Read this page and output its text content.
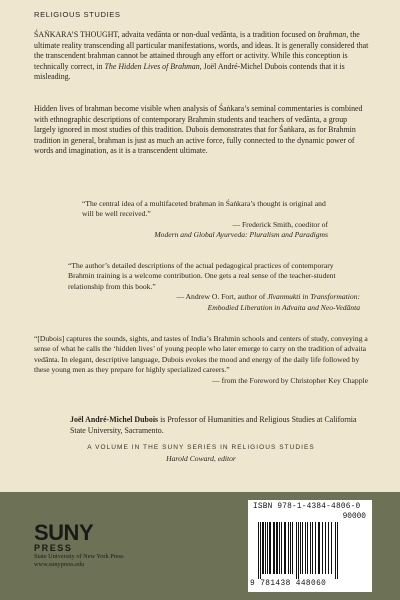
RELIGIOUS STUDIES
ŚAṄKARA’S THOUGHT, advaita vedānta or non-dual vedānta, is a tradition focused on brahman, the ultimate reality transcending all particular manifestations, words, and ideas. It is generally considered that the transcendent brahman cannot be attained through any effort or activity. While this conception is technically correct, in The Hidden Lives of Brahman, Joël André-Michel Dubois contends that it is misleading.
Hidden lives of brahman become visible when analysis of Śaṅkara’s seminal commentaries is combined with ethnographic descriptions of contemporary Brahmin students and teachers of vedānta, a group largely ignored in most studies of this tradition. Dubois demonstrates that for Śaṅkara, as for Brahmin tradition in general, brahman is just as much an active force, fully connected to the dynamic power of words and imagination, as it is a transcendent ultimate.
“The central idea of a multifaceted brahman in Śaṅkara’s thought is original and will be well received.”
— Frederick Smith, coeditor of
Modern and Global Ayurveda: Pluralism and Paradigms
“The author’s detailed descriptions of the actual pedagogical practices of contemporary Brahmin training is a welcome contribution. One gets a real sense of the teacher-student relationship from this book.”
— Andrew O. Fort, author of Jīvanmukti in Transformation:
Embodied Liberation in Advaita and Neo-Vedānta
“[Dubois] captures the sounds, sights, and tastes of India’s Brahmin schools and centers of study, conveying a sense of what he calls the ‘hidden lives’ of young people who later emerge to carry on the tradition of advaita vedānta. In elegant, descriptive language, Dubois evokes the mood and energy of the daily life followed by these young men as they prepare for highly specialized careers.”
— from the Foreword by Christopher Key Chapple
Joël André-Michel Dubois is Professor of Humanities and Religious Studies at California State University, Sacramento.
A VOLUME IN THE SUNY SERIES IN RELIGIOUS STUDIES
Harold Coward, editor
SUNY
PRESS
State University of New York Press
www.sunypress.edu
ISBN 978-1-4384-4806-0
90000
9 781438 448060
